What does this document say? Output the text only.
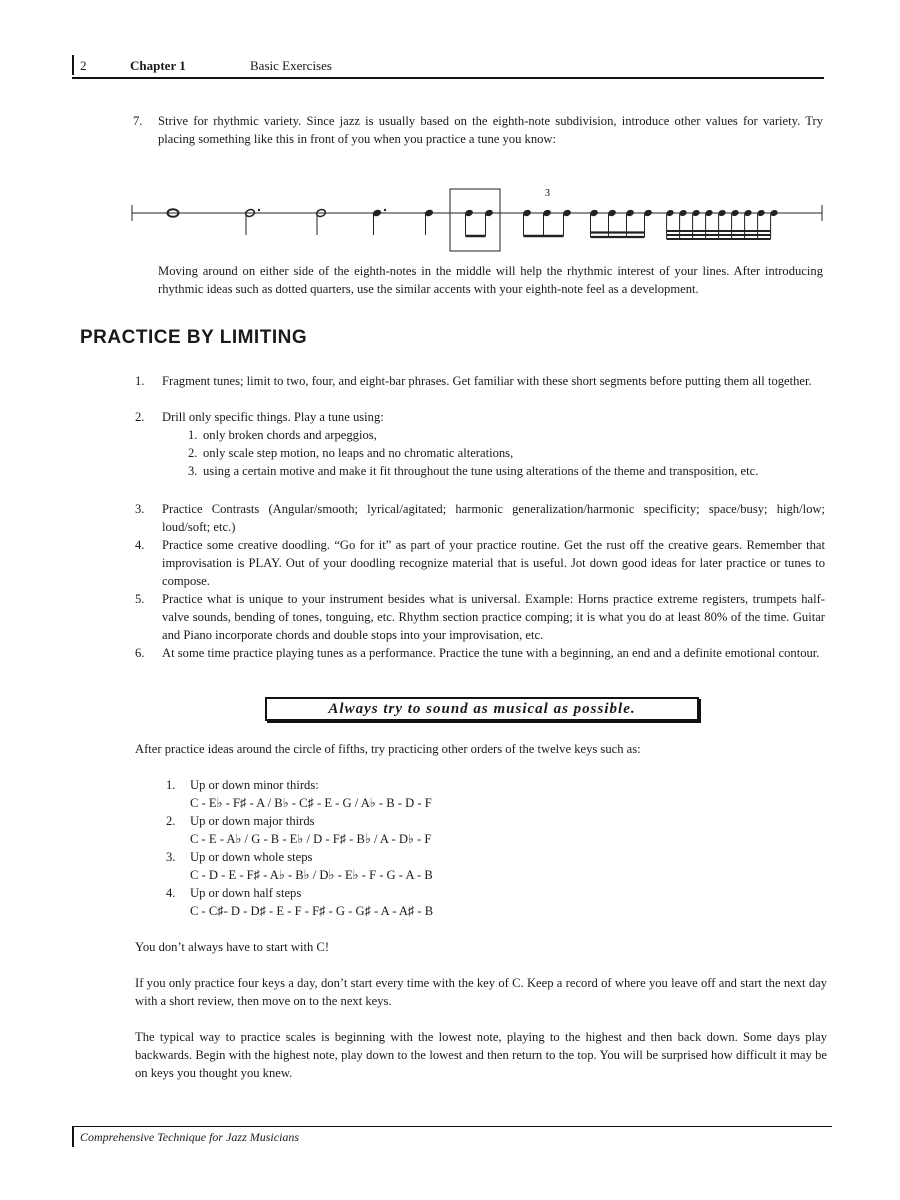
2	Chapter 1	Basic Exercises
7. Strive for rhythmic variety. Since jazz is usually based on the eighth-note subdivision, introduce other values for variety. Try placing something like this in front of you when you practice a tune you know:
3
Moving around on either side of the eighth-notes in the middle will help the rhythmic interest of your lines. After introducing rhythmic ideas such as dotted quarters, use the similar accents with your eighth-note feel as a development.
PRACTICE BY LIMITING
1. Fragment tunes; limit to two, four, and eight-bar phrases. Get familiar with these short segments before putting them all together.
2. Drill only specific things. Play a tune using:
1. only broken chords and arpeggios,
2. only scale step motion, no leaps and no chromatic alterations,
3. using a certain motive and make it fit throughout the tune using alterations of the theme and transposition, etc.
3. Practice Contrasts (Angular/smooth; lyrical/agitated; harmonic generalization/harmonic specificity; space/busy; high/low; loud/soft; etc.)
4. Practice some creative doodling. “Go for it” as part of your practice routine. Get the rust off the creative gears. Remember that improvisation is PLAY. Out of your doodling recognize material that is useful. Jot down good ideas for later practice or tunes to compose.
5. Practice what is unique to your instrument besides what is universal. Example: Horns practice extreme registers, trumpets half-valve sounds, bending of tones, tonguing, etc. Rhythm section practice comping; it is what you do at least 80% of the time. Guitar and Piano incorporate chords and double stops into your improvisation, etc.
6. At some time practice playing tunes as a performance. Practice the tune with a beginning, an end and a definite emotional contour.
Always try to sound as musical as possible.
After practice ideas around the circle of fifths, try practicing other orders of the twelve keys such as:
1. Up or down minor thirds:
C - E♭ - F♯ - A / B♭ - C♯ - E - G / A♭ - B - D - F
2. Up or down major thirds
C - E - A♭ / G - B - E♭ / D - F♯ - B♭ / A - D♭ - F
3. Up or down whole steps
C - D - E - F♯ - A♭ - B♭ / D♭ - E♭ - F - G - A - B
4. Up or down half steps
C - C♯- D - D♯ - E - F - F♯ - G - G♯ - A - A♯ - B
You don’t always have to start with C!
If you only practice four keys a day, don’t start every time with the key of C. Keep a record of where you leave off and start the next day with a short review, then move on to the next keys.
The typical way to practice scales is beginning with the lowest note, playing to the highest and then back down. Some days play backwards. Begin with the highest note, play down to the lowest and then return to the top. You will be surprised how difficult it may be on keys you thought you knew.
Comprehensive Technique for Jazz Musicians
